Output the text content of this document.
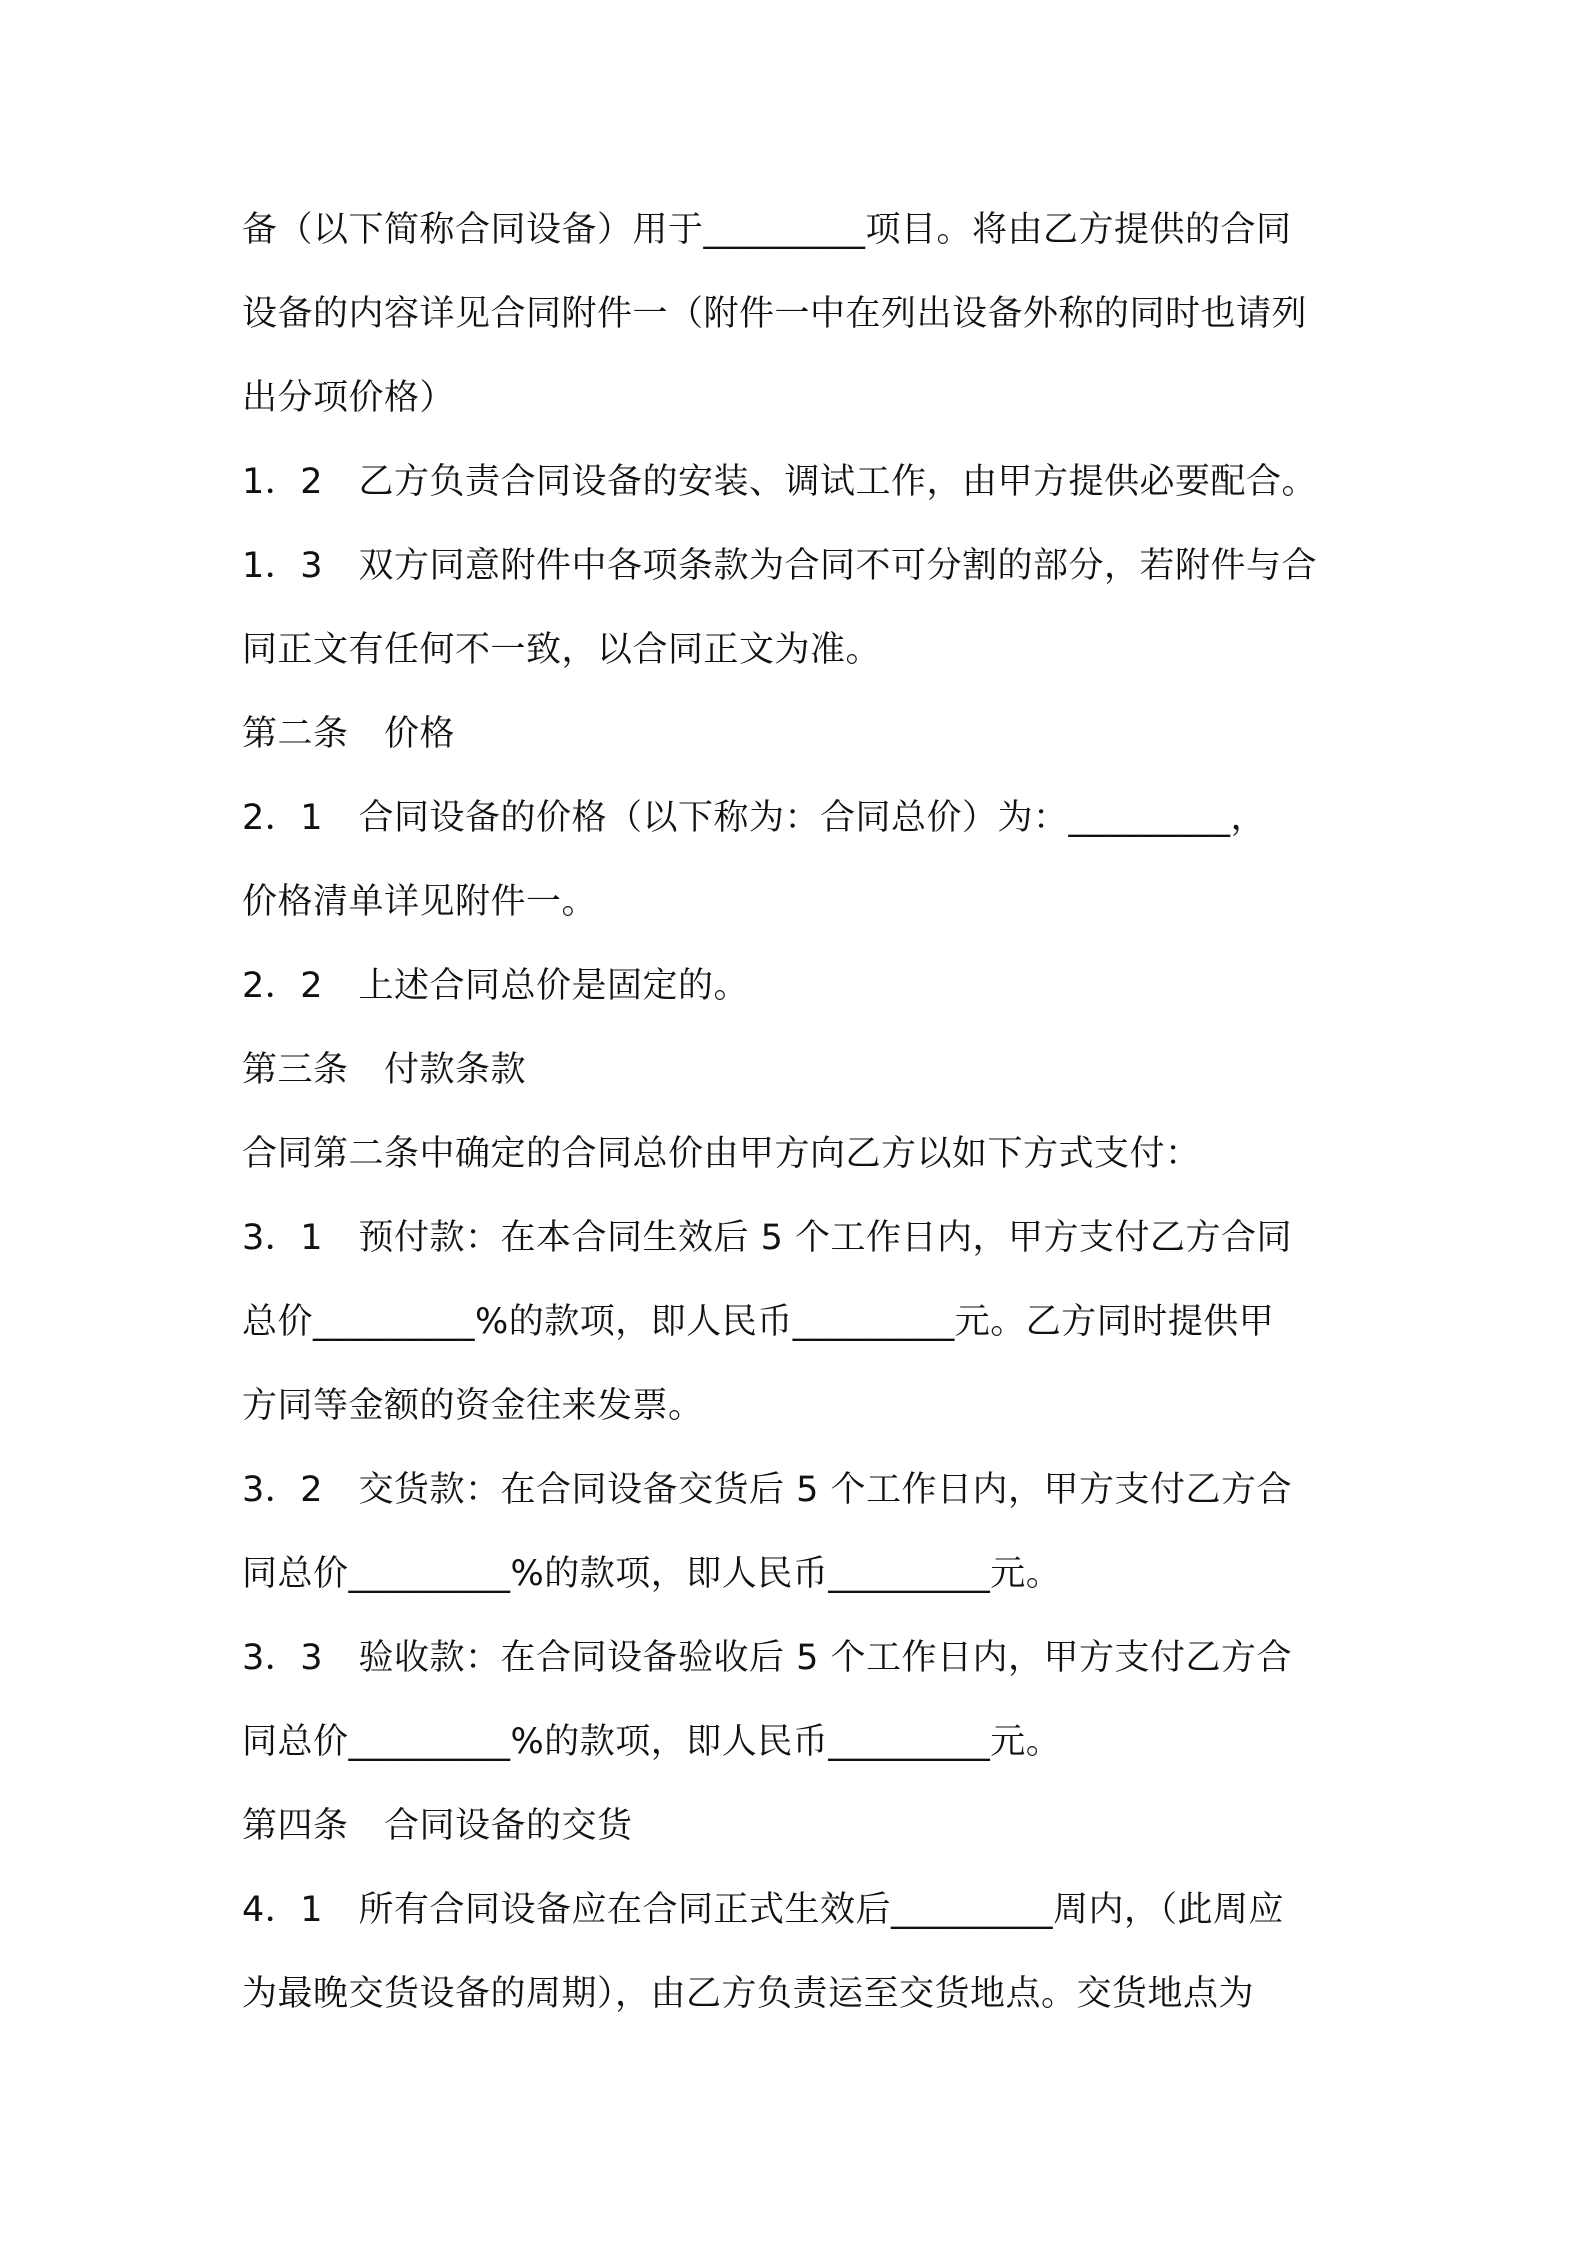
备（以下简称合同设备）用于_________项目。将由乙方提供的合同
设备的内容详见合同附件一（附件一中在列出设备外称的同时也请列
出分项价格）
1．2　乙方负责合同设备的安装、调试工作，由甲方提供必要配合。
1．3　双方同意附件中各项条款为合同不可分割的部分，若附件与合
同正文有任何不一致，以合同正文为准。
第二条　价格
2．1　合同设备的价格（以下称为：合同总价）为：_________，
价格清单详见附件一。
2．2　上述合同总价是固定的。
第三条　付款条款
合同第二条中确定的合同总价由甲方向乙方以如下方式支付：
3．1　预付款：在本合同生效后 5 个工作日内，甲方支付乙方合同
总价_________%的款项，即人民币_________元。乙方同时提供甲
方同等金额的资金往来发票。
3．2　交货款：在合同设备交货后 5 个工作日内，甲方支付乙方合
同总价_________%的款项，即人民币_________元。
3．3　验收款：在合同设备验收后 5 个工作日内，甲方支付乙方合
同总价_________%的款项，即人民币_________元。
第四条　合同设备的交货
4．1　所有合同设备应在合同正式生效后_________周内，（此周应
为最晚交货设备的周期），由乙方负责运至交货地点。交货地点为
